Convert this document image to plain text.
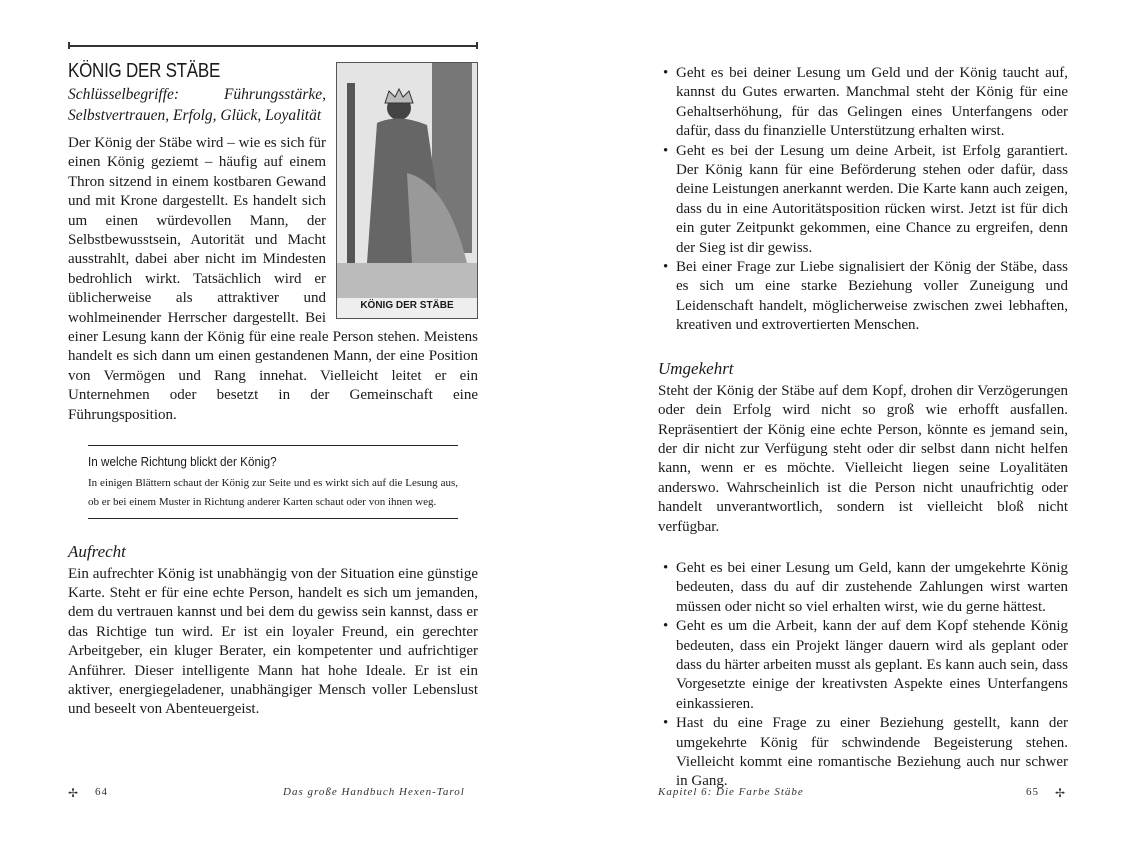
KÖNIG DER STÄBE
KÖNIG DER STÄBE

Schlüsselbegriffe: Führungsstärke, Selbstvertrauen, Erfolg, Glück, Loyalität

Der König der Stäbe wird – wie es sich für einen König geziemt – häufig auf einem Thron sitzend in einem kostbaren Gewand und mit Krone dargestellt. Es handelt sich um einen würdevollen Mann, der Selbstbewusstsein, Autorität und Macht ausstrahlt, dabei aber nicht im Mindesten bedrohlich wirkt. Tatsächlich wird er üblicherweise als attraktiver und wohlmeinender Herrscher dargestellt. Bei einer Lesung kann der König für eine reale Person stehen. Meistens handelt es sich dann um einen gestandenen Mann, der eine Position von Vermögen und Rang innehat. Vielleicht leitet er ein Unternehmen oder besetzt in der Gemeinschaft eine Führungsposition.

In welche Richtung blickt der König?

In einigen Blättern schaut der König zur Seite und es wirkt sich auf die Lesung aus, ob er bei einem Muster in Richtung anderer Karten schaut oder von ihnen weg.

Aufrecht

Ein aufrechter König ist unabhängig von der Situation eine günstige Karte. Steht er für eine echte Person, handelt es sich um jemanden, dem du vertrauen kannst und bei dem du gewiss sein kannst, dass er das Richtige tun wird. Er ist ein loyaler Freund, ein gerechter Arbeitgeber, ein kluger Berater, ein kompetenter und aufrichtiger Anführer. Dieser intelligente Mann hat hohe Ideale. Er ist ein aktiver, energiegeladener, unabhängiger Mensch voller Lebenslust und beseelt von Abenteuergeist.

✢ 64	Das große Handbuch Hexen-Tarol
• Geht es bei deiner Lesung um Geld und der König taucht auf, kannst du Gutes erwarten. Manchmal steht der König für eine Gehaltserhöhung, für das Gelingen eines Unterfangens oder dafür, dass du finanzielle Unterstützung erhalten wirst.
• Geht es bei der Lesung um deine Arbeit, ist Erfolg garantiert. Der König kann für eine Beförderung stehen oder dafür, dass deine Leistungen anerkannt werden. Die Karte kann auch zeigen, dass du in eine Autoritätsposition rücken wirst. Jetzt ist für dich ein guter Zeitpunkt gekommen, eine Chance zu ergreifen, denn der Sieg ist dir gewiss.
• Bei einer Frage zur Liebe signalisiert der König der Stäbe, dass es sich um eine starke Beziehung voller Zuneigung und Leidenschaft handelt, möglicherweise zwischen zwei lebhaften, kreativen und extrovertierten Menschen.
Umgekehrt

Steht der König der Stäbe auf dem Kopf, drohen dir Verzögerungen oder dein Erfolg wird nicht so groß wie erhofft ausfallen. Repräsentiert der König eine echte Person, könnte es jemand sein, der dir nicht zur Verfügung steht oder dir selbst dann nicht helfen kann, wenn er es möchte. Vielleicht liegen seine Loyalitäten anderswo. Wahrscheinlich ist die Person nicht unaufrichtig oder handelt unverantwortlich, sondern ist vielleicht bloß nicht verfügbar.

• Geht es bei einer Lesung um Geld, kann der umgekehrte König bedeuten, dass du auf dir zustehende Zahlungen wirst warten müssen oder nicht so viel erhalten wirst, wie du gerne hättest.
• Geht es um die Arbeit, kann der auf dem Kopf stehende König bedeuten, dass ein Projekt länger dauern wird als geplant oder dass du härter arbeiten musst als geplant. Es kann auch sein, dass Vorgesetzte einige der kreativsten Aspekte eines Unterfangens einkassieren.
• Hast du eine Frage zu einer Beziehung gestellt, kann der umgekehrte König für schwindende Begeisterung stehen. Vielleicht kommt eine romantische Beziehung auch nur schwer in Gang.
Kapitel 6: Die Farbe Stäbe	65 ✢
